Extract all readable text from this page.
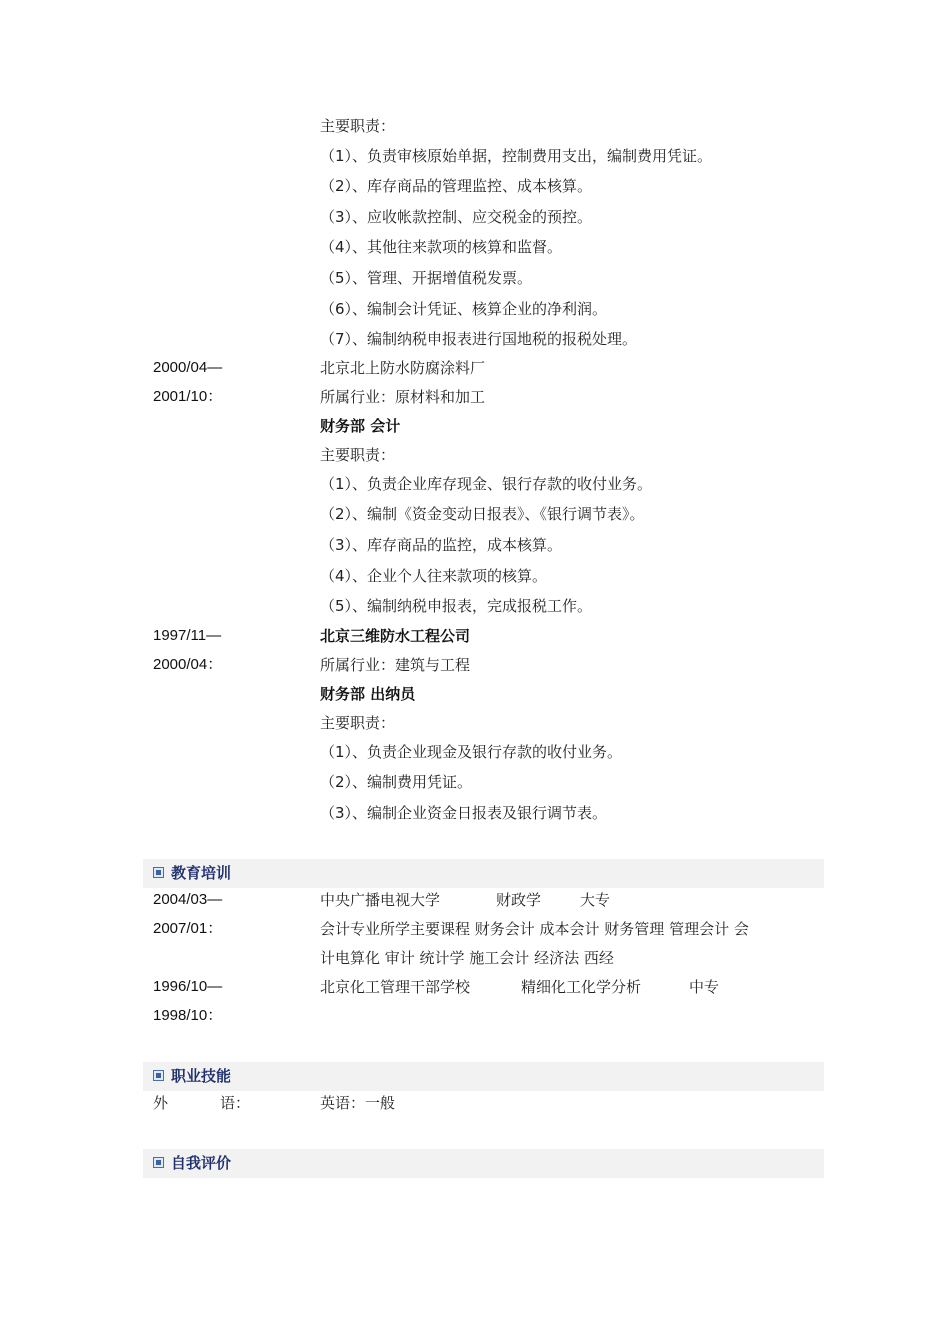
主要职责：
（1）、负责审核原始单据，控制费用支出，编制费用凭证。
（2）、库存商品的管理监控、成本核算。
（3）、应收帐款控制、应交税金的预控。
（4）、其他往来款项的核算和监督。
（5）、管理、开据增值税发票。
（6）、编制会计凭证、核算企业的净利润。
（7）、编制纳税申报表进行国地税的报税处理。
2000/04—	北京北上防水防腐涂料厂
2001/10：	所属行业：原材料和加工
财务部 会计
主要职责：
（1）、负责企业库存现金、银行存款的收付业务。
（2）、编制《资金变动日报表》、《银行调节表》。
（3）、库存商品的监控，成本核算。
（4）、企业个人往来款项的核算。
（5）、编制纳税申报表，完成报税工作。
1997/11—	北京三维防水工程公司
2000/04：	所属行业：建筑与工程
财务部 出纳员
主要职责：
（1）、负责企业现金及银行存款的收付业务。
（2）、编制费用凭证。
（3）、编制企业资金日报表及银行调节表。
教育培训
2004/03—	中央广播电视大学	财政学	大专
2007/01：	会计专业所学主要课程 财务会计 成本会计 财务管理 管理会计 会
计电算化 审计 统计学 施工会计 经济法 西经
1996/10—	北京化工管理干部学校	精细化工化学分析	中专
1998/10：
职业技能
外	语：	英语：一般
自我评价
